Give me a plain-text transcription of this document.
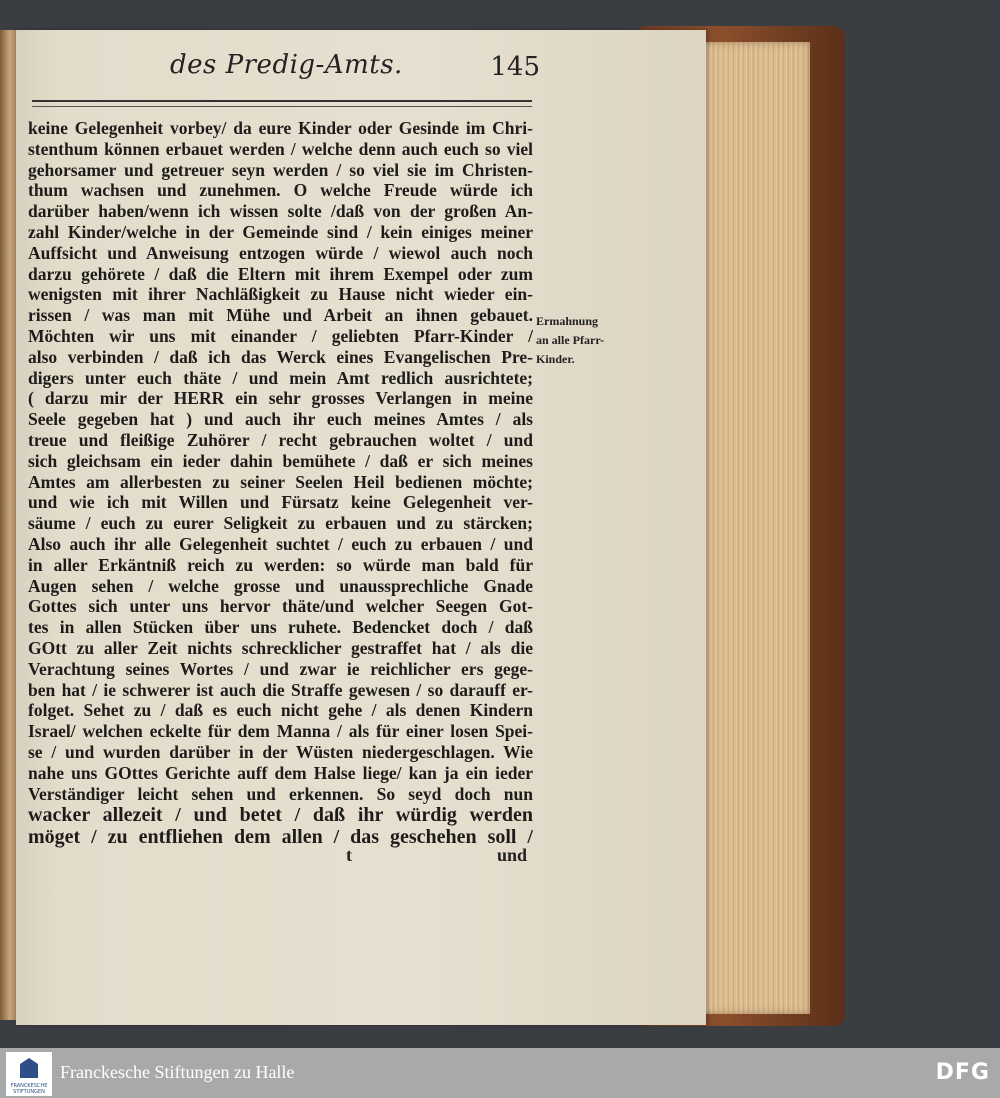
des Predig-Amts.	145
keine Gelegenheit vorbey/ da eure Kinder oder Gesinde im Chri-
stenthum können erbauet werden / welche denn auch euch so viel
gehorsamer und getreuer seyn werden / so viel sie im Christen-
thum wachsen und zunehmen. O welche Freude würde ich
darüber haben/wenn ich wissen solte /daß von der großen An-
zahl Kinder/welche in der Gemeinde sind / kein einiges meiner
Auffsicht und Anweisung entzogen würde / wiewol auch noch
darzu gehörete / daß die Eltern mit ihrem Exempel oder zum
wenigsten mit ihrer Nachläßigkeit zu Hause nicht wieder ein-
rissen / was man mit Mühe und Arbeit an ihnen gebauet.
Möchten wir uns mit einander / geliebten Pfarr-Kinder /
also verbinden / daß ich das Werck eines Evangelischen Pre-
digers unter euch thäte / und mein Amt redlich ausrichtete;
( darzu mir der HERR ein sehr grosses Verlangen in meine
Seele gegeben hat ) und auch ihr euch meines Amtes / als
treue und fleißige Zuhörer / recht gebrauchen woltet / und
sich gleichsam ein ieder dahin bemühete / daß er sich meines
Amtes am allerbesten zu seiner Seelen Heil bedienen möchte;
und wie ich mit Willen und Fürsatz keine Gelegenheit ver-
säume / euch zu eurer Seligkeit zu erbauen und zu stärcken;
Also auch ihr alle Gelegenheit suchtet / euch zu erbauen / und
in aller Erkäntniß reich zu werden: so würde man bald für
Augen sehen / welche grosse und unaussprechliche Gnade
Gottes sich unter uns hervor thäte/und welcher Seegen Got-
tes in allen Stücken über uns ruhete. Bedencket doch / daß
GOtt zu aller Zeit nichts schrecklicher gestraffet hat / als die
Verachtung seines Wortes / und zwar ie reichlicher ers gege-
ben hat / ie schwerer ist auch die Straffe gewesen / so darauff er-
folget. Sehet zu / daß es euch nicht gehe / als denen Kindern
Israel/ welchen eckelte für dem Manna / als für einer losen Spei-
se / und wurden darüber in der Wüsten niedergeschlagen. Wie
nahe uns GOttes Gerichte auff dem Halse liege/ kan ja ein ieder
Verständiger leicht sehen und erkennen. So seyd doch nun
wacker allezeit / und betet / daß ihr würdig werden
möget / zu entfliehen dem allen / das geschehen soll /
Ermahnung
an alle Pfarr-
Kinder.
t	und
FRANCKESCHE STIFTUNGEN
Franckesche Stiftungen zu Halle	DFG
